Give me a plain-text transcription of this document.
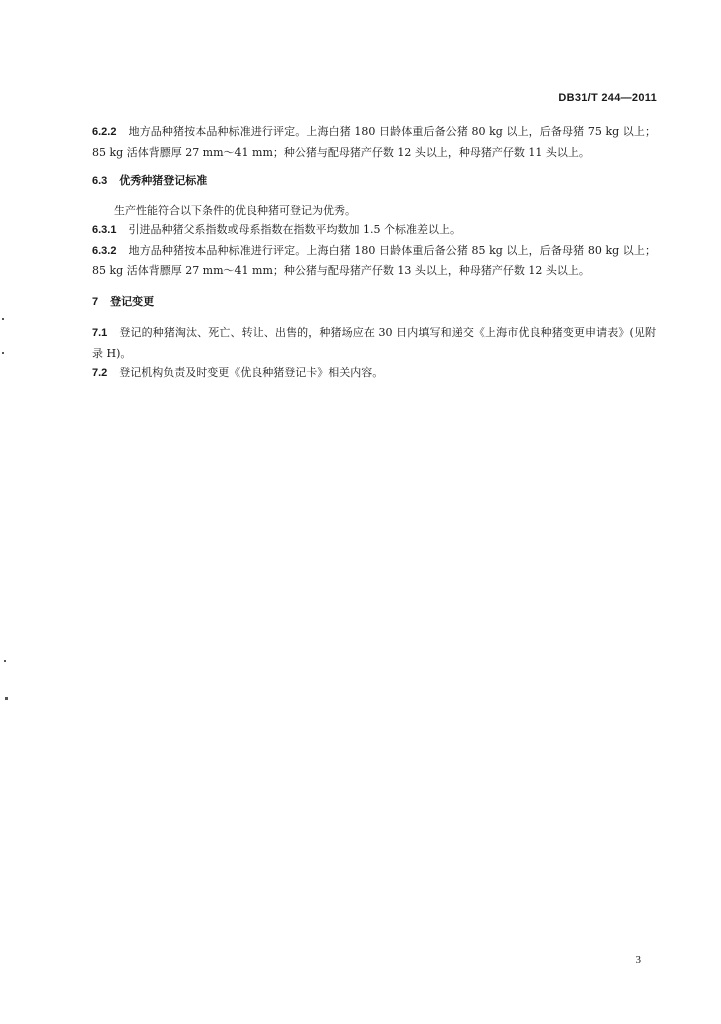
DB31/T 244—2011

6.2.2 地方品种猪按本品种标准进行评定。上海白猪 180 日龄体重后备公猪 80 kg 以上，后备母猪 75 kg 以上；85 kg 活体背膘厚 27 mm～41 mm；种公猪与配母猪产仔数 12 头以上，种母猪产仔数 11 头以上。

6.3 优秀种猪登记标准

生产性能符合以下条件的优良种猪可登记为优秀。

6.3.1 引进品种猪父系指数或母系指数在指数平均数加 1.5 个标准差以上。

6.3.2 地方品种猪按本品种标准进行评定。上海白猪 180 日龄体重后备公猪 85 kg 以上，后备母猪 80 kg 以上；85 kg 活体背膘厚 27 mm～41 mm；种公猪与配母猪产仔数 13 头以上，种母猪产仔数 12 头以上。

7 登记变更

7.1 登记的种猪淘汰、死亡、转让、出售的，种猪场应在 30 日内填写和递交《上海市优良种猪变更申请表》(见附录 H)。

7.2 登记机构负责及时变更《优良种猪登记卡》相关内容。

3
